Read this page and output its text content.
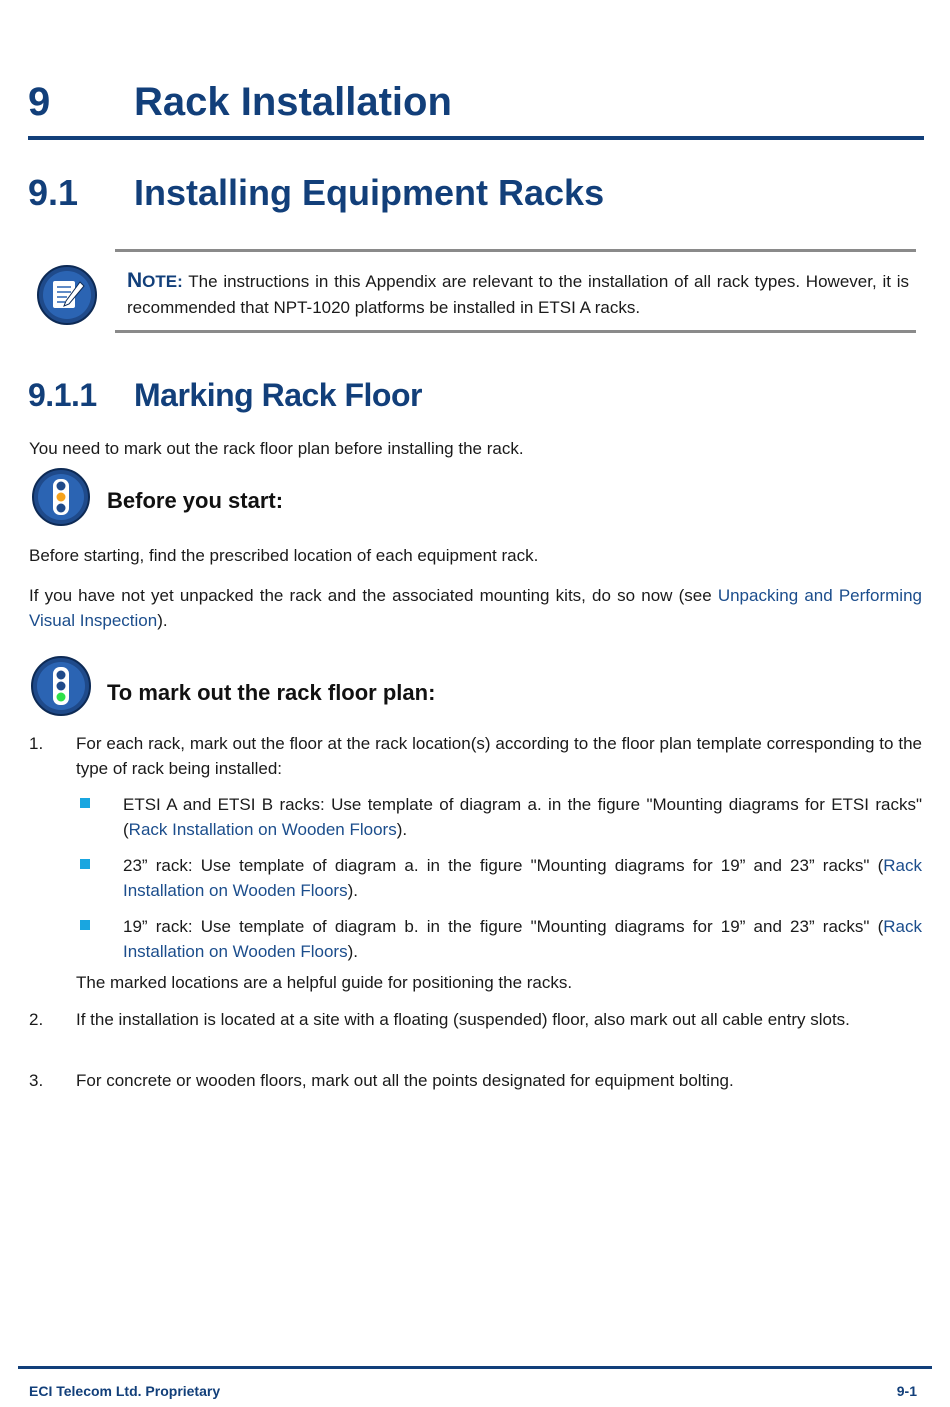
9 Rack Installation
9.1 Installing Equipment Racks
NOTE: The instructions in this Appendix are relevant to the installation of all rack types. However, it is recommended that NPT-1020 platforms be installed in ETSI A racks.
9.1.1 Marking Rack Floor
You need to mark out the rack floor plan before installing the rack.
Before you start:
Before starting, find the prescribed location of each equipment rack.
If you have not yet unpacked the rack and the associated mounting kits, do so now (see Unpacking and Performing Visual Inspection).
To mark out the rack floor plan:
1. For each rack, mark out the floor at the rack location(s) according to the floor plan template corresponding to the type of rack being installed:
ETSI A and ETSI B racks: Use template of diagram a. in the figure "Mounting diagrams for ETSI racks" (Rack Installation on Wooden Floors).
23” rack: Use template of diagram a. in the figure "Mounting diagrams for 19” and 23” racks" (Rack Installation on Wooden Floors).
19” rack: Use template of diagram b. in the figure "Mounting diagrams for 19” and 23” racks" (Rack Installation on Wooden Floors).
The marked locations are a helpful guide for positioning the racks.
2. If the installation is located at a site with a floating (suspended) floor, also mark out all cable entry slots.
3. For concrete or wooden floors, mark out all the points designated for equipment bolting.
ECI Telecom Ltd. Proprietary	9-1
